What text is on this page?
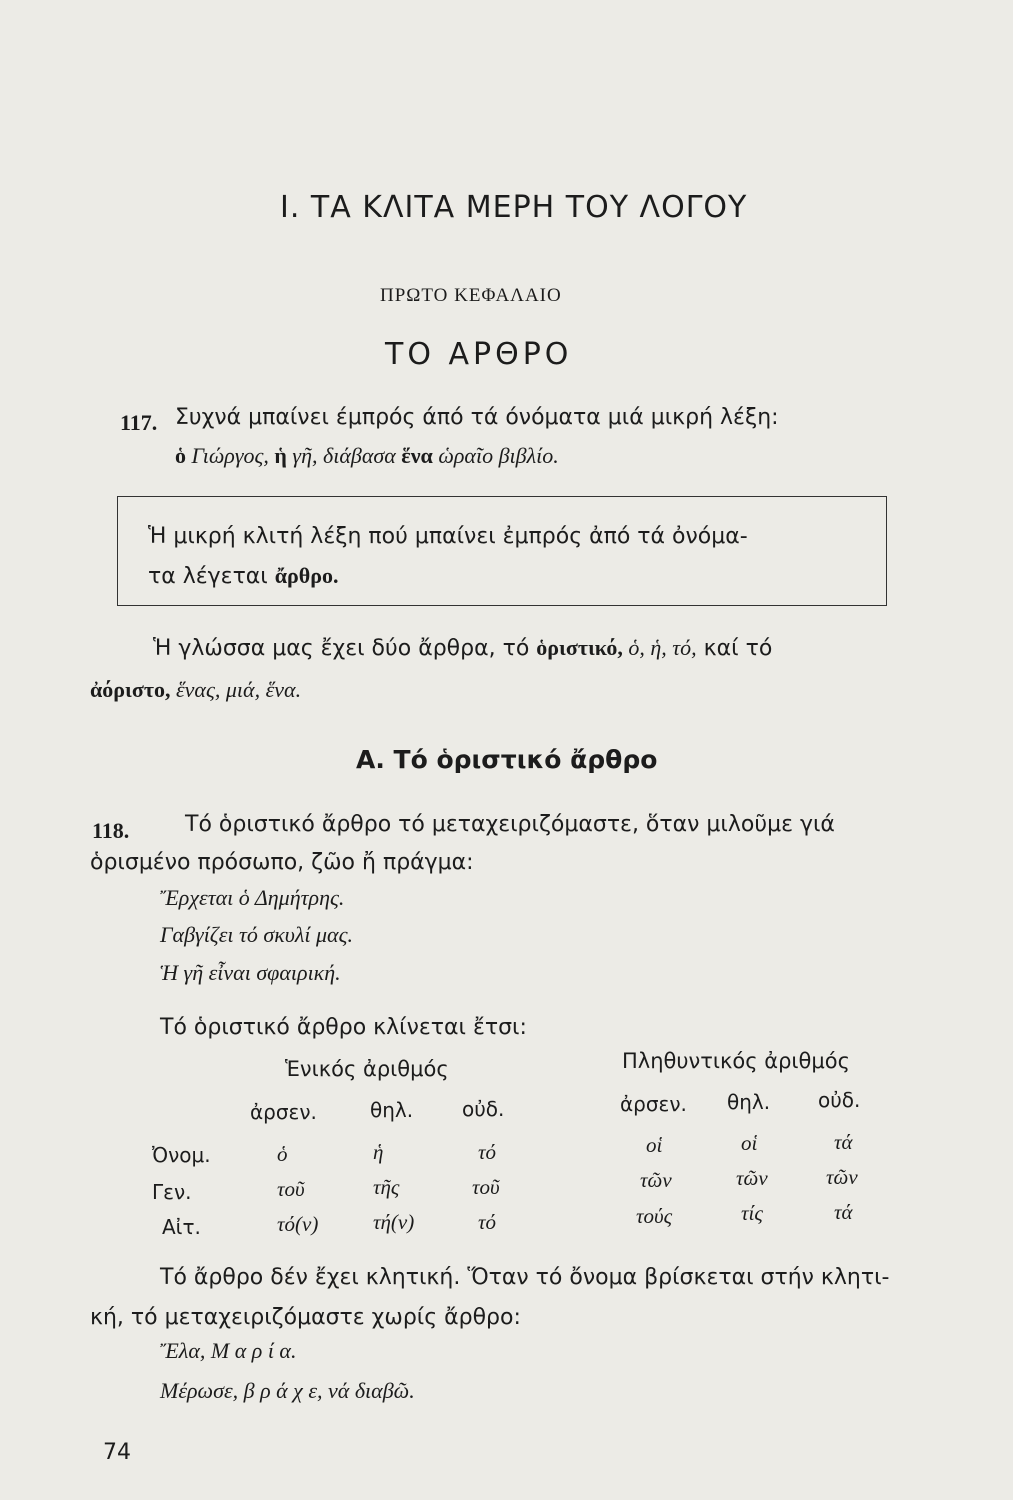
Ι. ΤΑ ΚΛΙΤΑ ΜΕΡΗ ΤΟΥ ΛΟΓΟΥ
ΠΡΩΤΟ ΚΕΦΑΛΑΙΟ
ΤΟ ΑΡΘΡΟ
117. Συχνά μπαίνει έμπρός άπό τά όνόματα μιά μικρή λέξη:
ὁ Γιώργος, ἡ γῆ, διάβασα ἕνα ὡραῖο βιβλίο.
Ἡ μικρή κλιτή λέξη πού μπαίνει ἐμπρός ἀπό τά ὀνόμα-
τα λέγεται ἄρθρο.
Ἡ γλώσσα μας ἔχει δύο ἄρθρα, τό ὁριστικό, ὁ, ἡ, τό, καί τό
ἀόριστο, ἕνας, μιά, ἕνα.
Α. Τό ὁριστικό ἄρθρο
118.	Τό ὁριστικό ἄρθρο τό μεταχειριζόμαστε, ὅταν μιλοῦμε γιά
ὁρισμένο πρόσωπο, ζῶο ἤ πράγμα:
Ἔρχεται ὁ Δημήτρης.
Γαβγίζει τό σκυλί μας.
Ἡ γῆ εἶναι σφαιρική.
Τό ὁριστικό ἄρθρο κλίνεται ἔτσι:
Ἑνικός ἀριθμός	Πληθυντικός ἀριθμός
ἀρσεν.	θηλ. οὐδ.	ἀρσεν. θηλ. οὐδ.
Ὀνομ.	ὁ	ἡ	τό	οἱ	οἱ	τά
Γεν.	τοῦ	τῆς	τοῦ	τῶν	τῶν	τῶν
Αἰτ.	τό(ν)	τή(ν)	τό	τούς	τίς	τά
Τό ἄρθρο δέν ἔχει κλητική. Ὅταν τό ὄνομα βρίσκεται στήν κλητι-
κή, τό μεταχειριζόμαστε χωρίς ἄρθρο:
Ἔλα, Μ α ρ ί α.
Μέρωσε, β ρ ά χ ε, νά διαβῶ.
74
